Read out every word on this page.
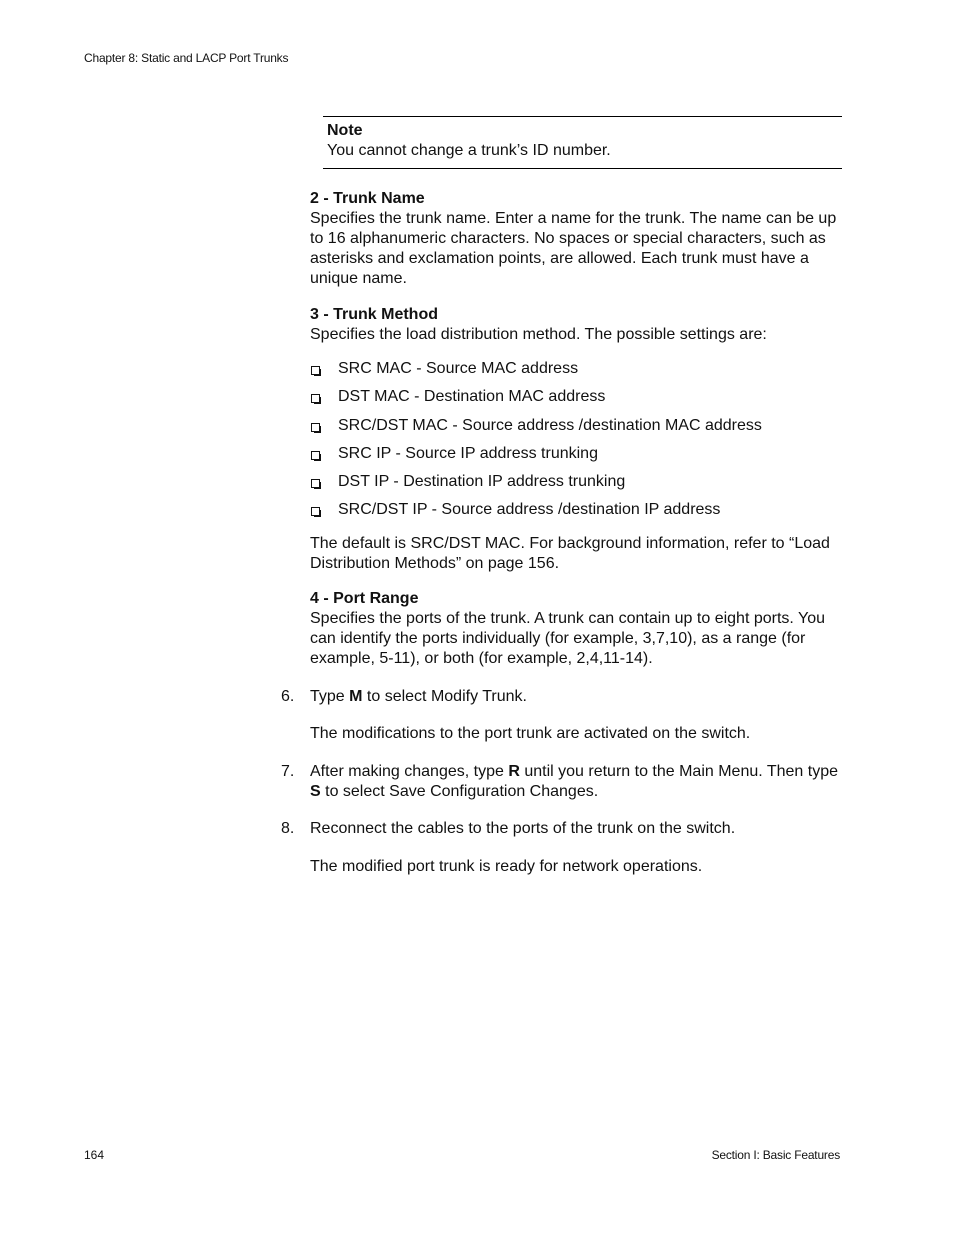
Chapter 8: Static and LACP Port Trunks
Note
You cannot change a trunk’s ID number.
2 - Trunk Name
Specifies the trunk name. Enter a name for the trunk. The name can be up to 16 alphanumeric characters. No spaces or special characters, such as asterisks and exclamation points, are allowed. Each trunk must have a unique name.
3 - Trunk Method
Specifies the load distribution method. The possible settings are:
SRC MAC - Source MAC address
DST MAC - Destination MAC address
SRC/DST MAC - Source address /destination MAC address
SRC IP - Source IP address trunking
DST IP - Destination IP address trunking
SRC/DST IP - Source address /destination IP address
The default is SRC/DST MAC. For background information, refer to “Load Distribution Methods” on page 156.
4 - Port Range
Specifies the ports of the trunk. A trunk can contain up to eight ports. You can identify the ports individually (for example, 3,7,10), as a range (for example, 5-11), or both (for example, 2,4,11-14).
6. Type M to select Modify Trunk.
The modifications to the port trunk are activated on the switch.
7. After making changes, type R until you return to the Main Menu. Then type S to select Save Configuration Changes.
8. Reconnect the cables to the ports of the trunk on the switch.
The modified port trunk is ready for network operations.
164	Section I: Basic Features
